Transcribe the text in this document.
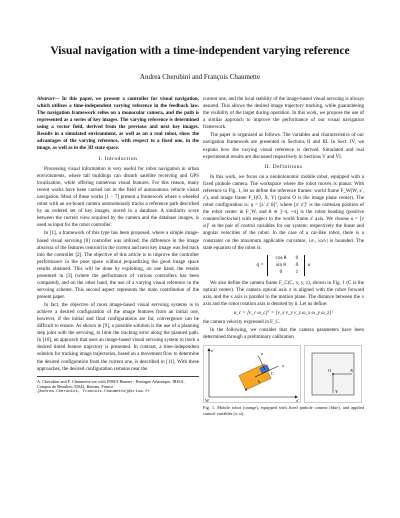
Visual navigation with a time-independent varying reference
Andrea Cherubini and François Chaumette

Abstract— In this paper, we present a controller for visual navigation, which utilizes a time-independent varying reference in the feedback law. The navigation framework relies on a monocular camera, and the path is represented as a series of key images. The varying reference is determined using a vector field, derived from the previous and next key images. Results in a simulated environment, as well as on a real robot, show the advantages of the varying reference, with respect to a fixed one, in the image, as well as in the 3D state space.

I. Introduction

Processing visual information is very useful for robot navigation in urban environments, where tall buildings can disturb satellite receiving and GPS localization, while offering numerous visual features. For this reason, many recent works have been carried out in the field of autonomous vehicle visual navigation. Most of these works [1 − 7] present a framework where a wheeled robot with an on-board camera autonomously tracks a reference path described by an ordered set of key images, stored in a database. A similarity score between the current view acquired by the camera and the database images, is used as input for the robot controller.

In [1], a framework of this type has been proposed, where a simple image-based visual servoing [8] controller was utilized: the difference in the image abscissa of the features centroid in the current and next key image was fed back into the controller [2]. The objective of this article is to improve the controller performance in the pose space without jeopardizing the good image space results obtained. This will be done by exploiting, on one hand, the results presented in [3] (where the performance of various controllers has been compared), and on the other hand, the use of a varying visual reference in the servoing scheme. This second aspect represents the main contribution of the present paper.

In fact, the objective of most image-based visual servoing systems is to achieve a desired configuration of the image features from an initial one, however, if the initial and final configurations are far, convergence can be difficult to ensure. As shown in [9], a possible solution is the use of a planning step joint with the servoing, to limit the tracking error along the planned path. In [10], an approach that uses an image-based visual servoing system to track a desired timed feature trajectory is presented. In contrast, a time-independent solution for tracking image trajectories, based on a movement flow to determine the desired configuration from the current one, is described in [11]. With these approaches, the desired configuration remains near the

A. Cherubini and F. Chaumette are with INRIA Rennes - Bretagne Atlantique, IRISA, Campus de Beaulieu 35042, Rennes, France.
{Andrea.Cherubini, Francois.Chaumette}@irisa.fr

current one, and the local stability of the image-based visual servoing is always assured. This allows the desired image trajectory tracking, while guaranteeing the visibility of the target during operation. In this work, we propose the use of a similar approach to improve the performance of our visual navigation framework.

The paper is organized as follows. The variables and characteristics of our navigation framework are presented in Sections II and III. In Sect. IV, we explain how the varying visual reference is derived. Simulated and real experimental results are discussed respectively in Sections V and VI.

II. Definitions

In this work, we focus on a nonholonomic mobile robot, equipped with a fixed pinhole camera. The workspace where the robot moves is planar. With reference to Fig. 1, let us define the reference frames: world frame F_W(W, x', z'), and image frame F_I(O, X, Y) (point O is the image plane center). The robot configuration is: q = [x' z' θ]ᵀ, where [x' z']ᵀ is the cartesian position of the robot center in F_W, and θ ∈ ]−π, +π] is the robot heading (positive counterclockwise) with respect to the world frame z' axis. We choose u = [v ω]ᵀ as the pair of control variables for our system: respectively the linear and angular velocities of the robot. In the case of a car-like robot, there is a constraint on the maximum applicable curvature, i.e., |ω/v| is bounded. The state equation of the robot is:

q̇ =
cos θ	0
sin θ	0
0	1
u

We also define the camera frame F_C(C, x, y, z), shown in Fig. 1 (C is the optical center). The camera optical axis z is aligned with the robot forward axis, and the x axis is parallel to the motion plane. The distance between the x axis and the robot rotation axis is denoted by δ. Let us define:

u_c = [v_c ω_c]ᵀ = [v_x v_y v_z ω_x ω_y ω_z]ᵀ

the camera velocity expressed in F_C.

In the following, we consider that the camera parameters have been determined through a preliminary calibration

x'
z'
W
x
z
C
δ
θ
O	X
Y
Fig. 1. Mobile robot (orange), equipped with fixed pinhole camera (blue), and applied control variables (v, ω).
